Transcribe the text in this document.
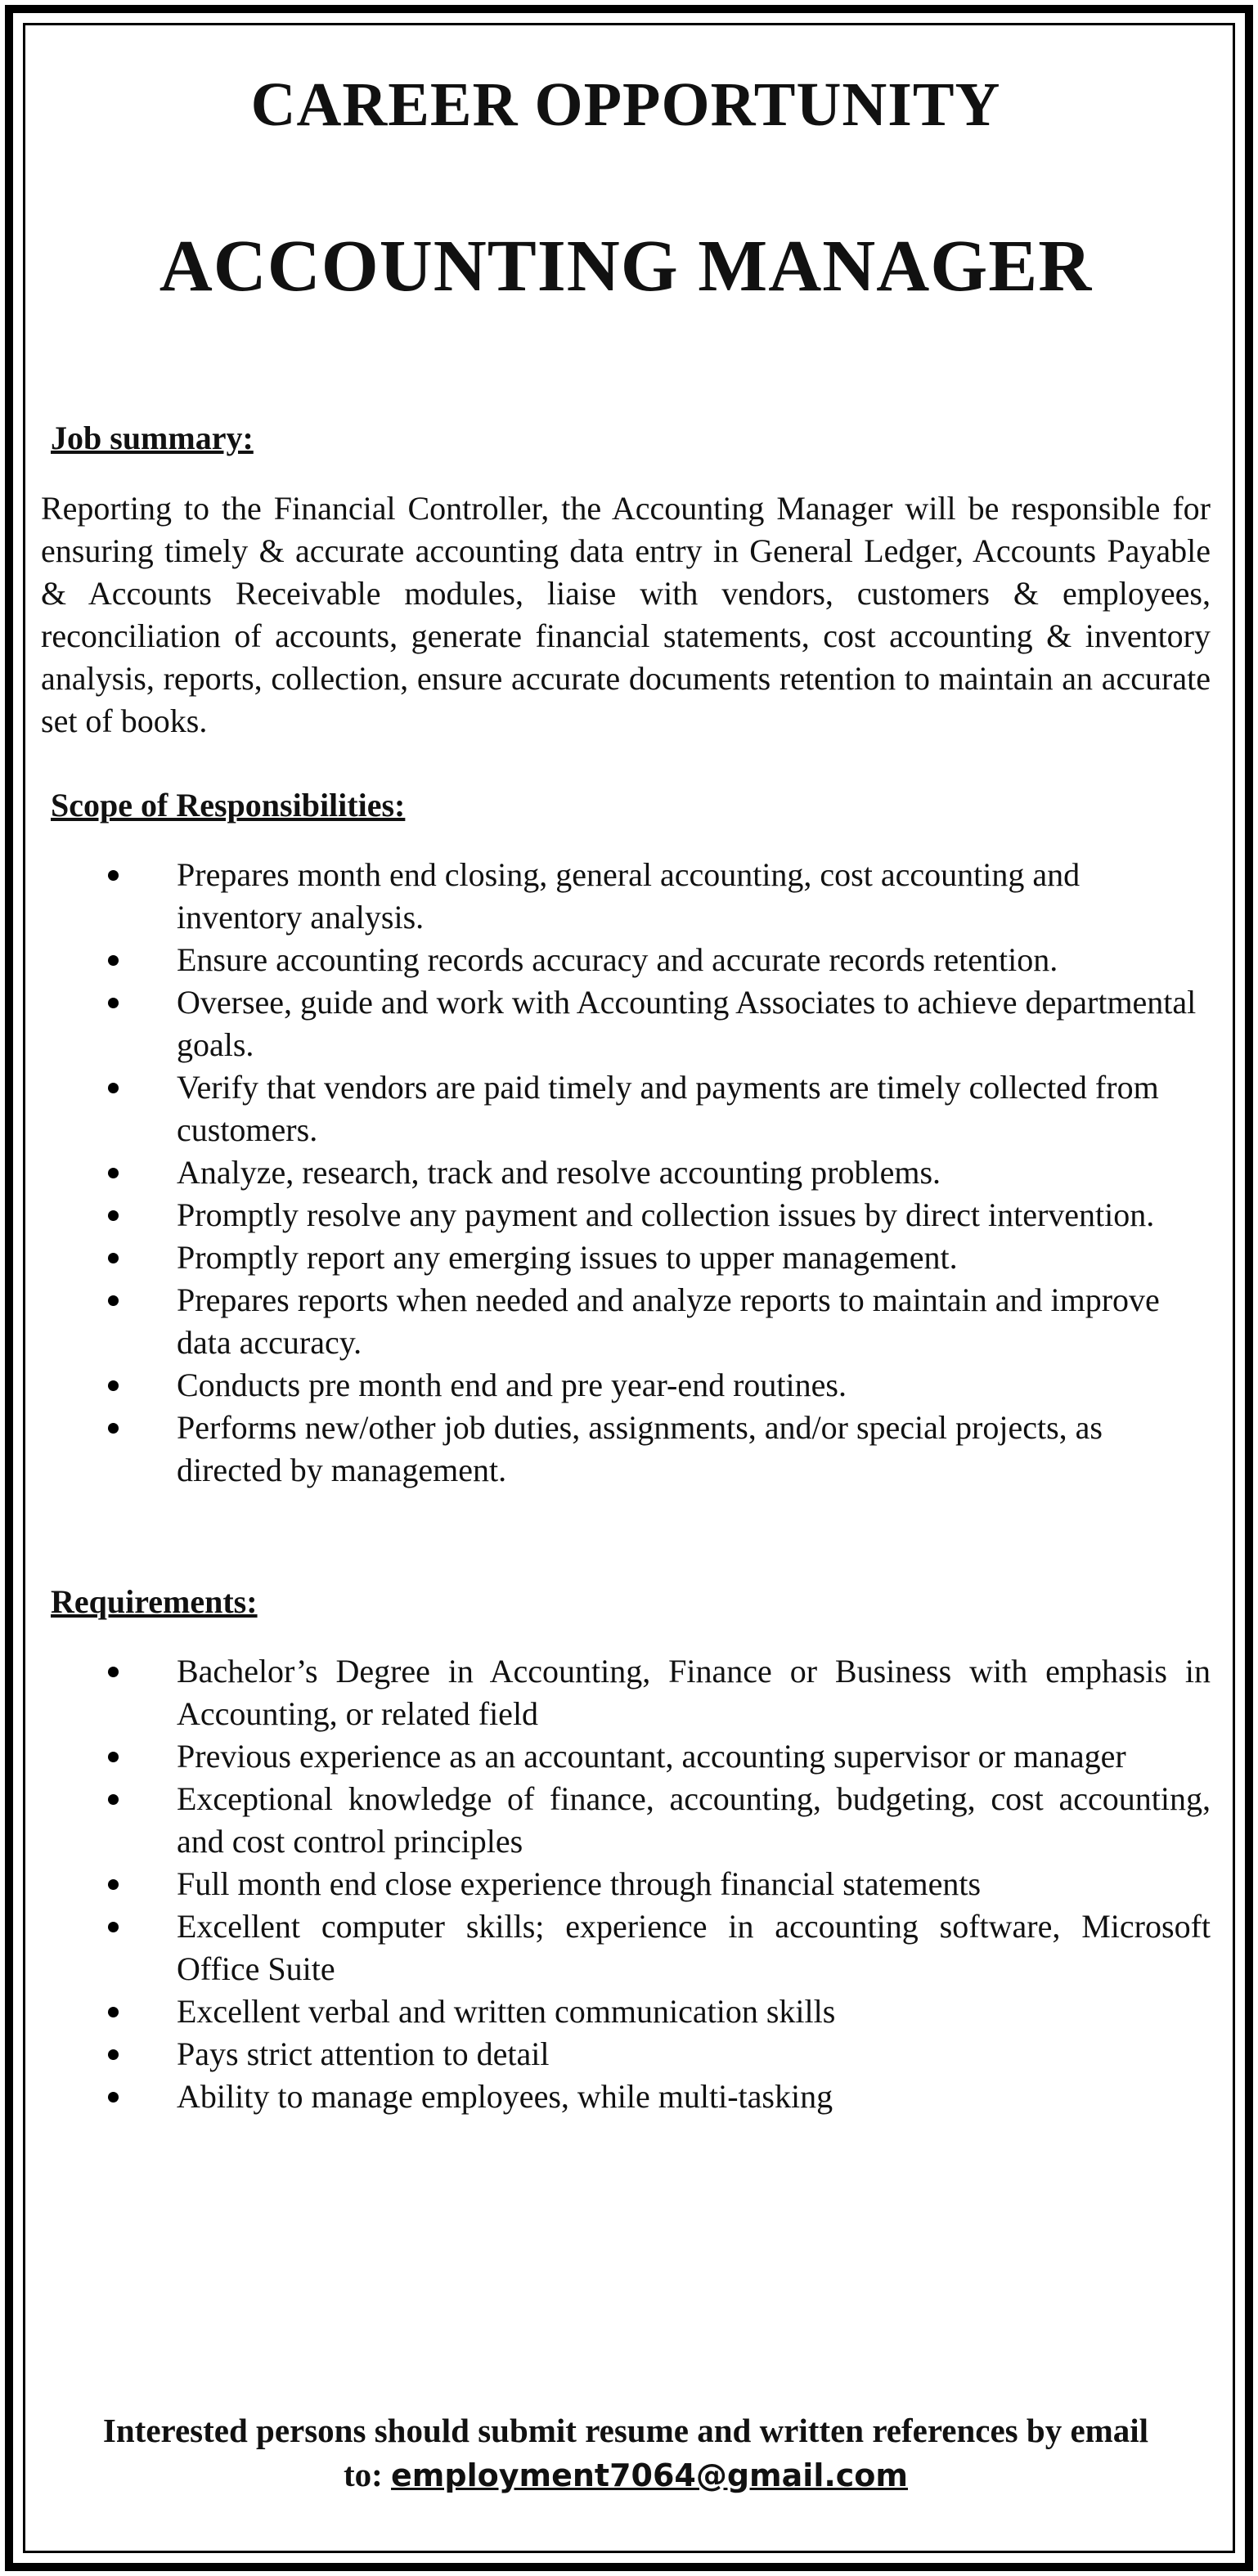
CAREER OPPORTUNITY
ACCOUNTING MANAGER

Job summary:

Reporting to the Financial Controller, the Accounting Manager will be responsible for ensuring timely & accurate accounting data entry in General Ledger, Accounts Payable & Accounts Receivable modules, liaise with vendors, customers & employees, reconciliation of accounts, generate financial statements, cost accounting & inventory analysis, reports, collection, ensure accurate documents retention to maintain an accurate set of books.

Scope of Responsibilities:

Prepares month end closing, general accounting, cost accounting and inventory analysis.
Ensure accounting records accuracy and accurate records retention.
Oversee, guide and work with Accounting Associates to achieve departmental goals.
Verify that vendors are paid timely and payments are timely collected from customers.
Analyze, research, track and resolve accounting problems.
Promptly resolve any payment and collection issues by direct intervention.
Promptly report any emerging issues to upper management.
Prepares reports when needed and analyze reports to maintain and improve data accuracy.
Conducts pre month end and pre year-end routines.
Performs new/other job duties, assignments, and/or special projects, as directed by management.

Requirements:

Bachelor’s Degree in Accounting, Finance or Business with emphasis in Accounting, or related field
Previous experience as an accountant, accounting supervisor or manager
Exceptional knowledge of finance, accounting, budgeting, cost accounting, and cost control principles
Full month end close experience through financial statements
Excellent computer skills; experience in accounting software, Microsoft Office Suite
Excellent verbal and written communication skills
Pays strict attention to detail
Ability to manage employees, while multi-tasking
Interested persons should submit resume and written references by email
to: employment7064@gmail.com
